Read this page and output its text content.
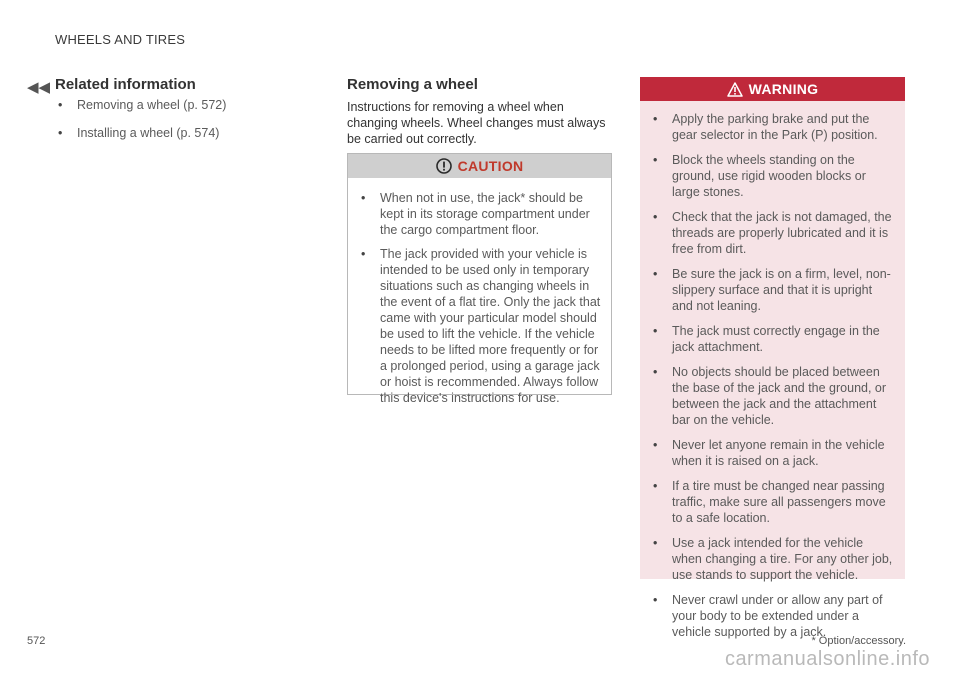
WHEELS AND TIRES
◀◀ Related information
• Removing a wheel (p. 572)
• Installing a wheel (p. 574)
Removing a wheel

Instructions for removing a wheel when changing wheels. Wheel changes must always be carried out correctly.

CAUTION
• When not in use, the jack* should be kept in its storage compartment under the cargo compartment floor.
• The jack provided with your vehicle is intended to be used only in temporary situations such as changing wheels in the event of a flat tire. Only the jack that came with your particular model should be used to lift the vehicle. If the vehicle needs to be lifted more frequently or for a prolonged period, using a garage jack or hoist is recommended. Always follow this device's instructions for use.
WARNING
• Apply the parking brake and put the gear selector in the Park (P) position.
• Block the wheels standing on the ground, use rigid wooden blocks or large stones.
• Check that the jack is not damaged, the threads are properly lubricated and it is free from dirt.
• Be sure the jack is on a firm, level, non-slippery surface and that it is upright and not leaning.
• The jack must correctly engage in the jack attachment.
• No objects should be placed between the base of the jack and the ground, or between the jack and the attachment bar on the vehicle.
• Never let anyone remain in the vehicle when it is raised on a jack.
• If a tire must be changed near passing traffic, make sure all passengers move to a safe location.
• Use a jack intended for the vehicle when changing a tire. For any other job, use stands to support the vehicle.
• Never crawl under or allow any part of your body to be extended under a vehicle supported by a jack.
572	* Option/accessory.
carmanualsonline.info
